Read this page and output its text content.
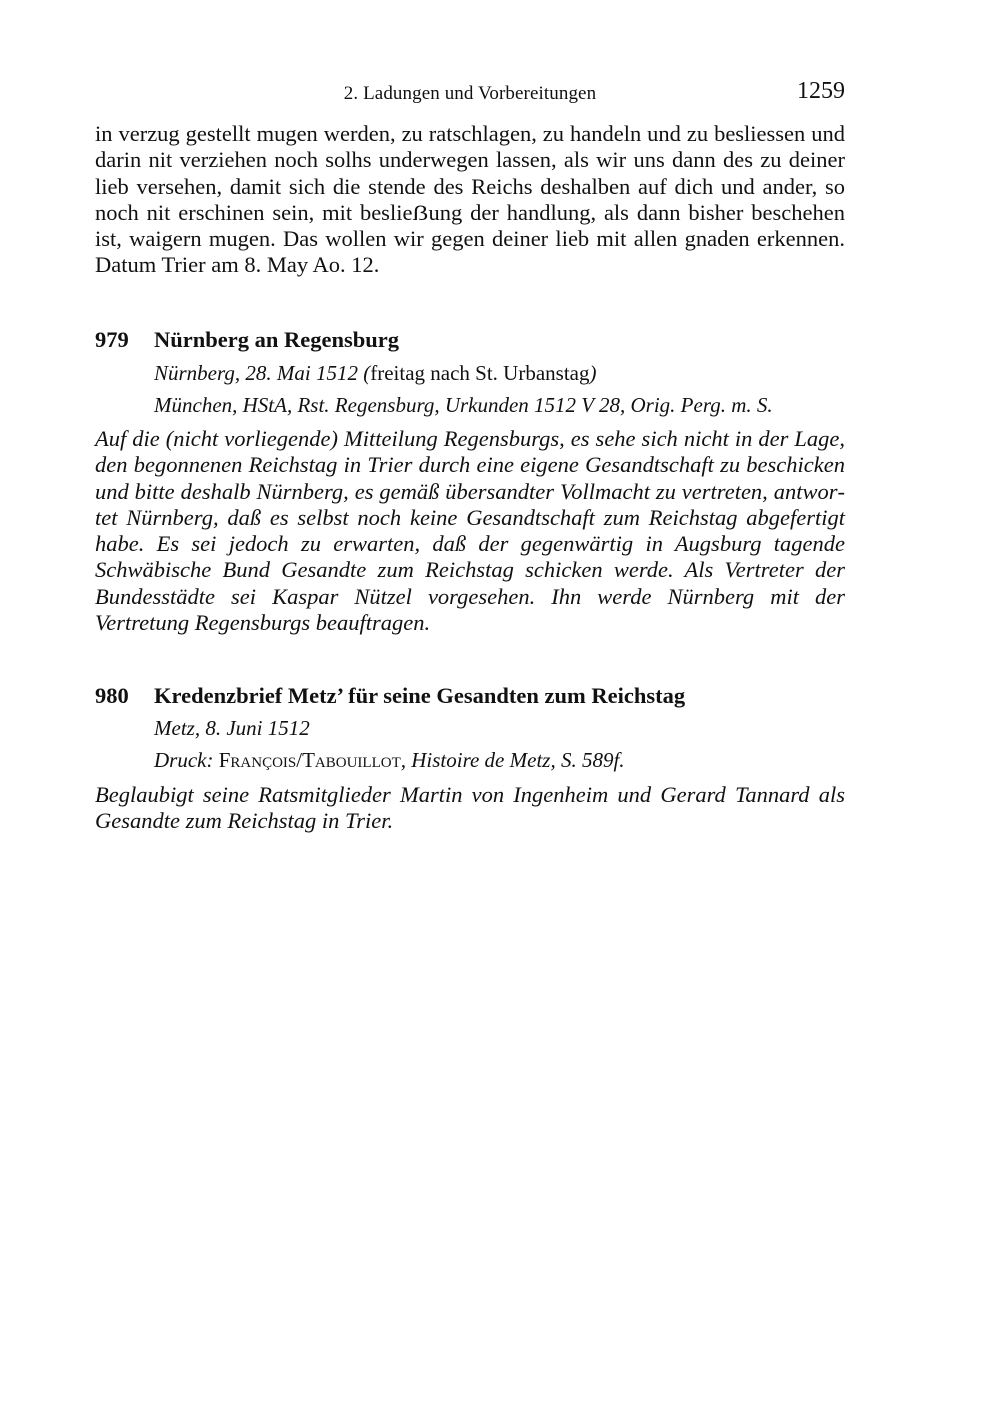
2. Ladungen und Vorbereitungen	1259

in verzug gestellt mugen werden, zu ratschlagen, zu handeln und zu besliessen und darin nit verziehen noch solhs underwegen lassen, als wir uns dann des zu deiner lieb versehen, damit sich die stende des Reichs deshalben auf dich und ander, so noch nit erschinen sein, mit beslieẞung der handlung, als dann bisher beschehen ist, waigern mugen. Das wollen wir gegen deiner lieb mit allen gnaden erkennen. Datum Trier am 8. May Ao. 12.

979 Nürnberg an Regensburg
Nürnberg, 28. Mai 1512 (freitag nach St. Urbanstag)
München, HStA, Rst. Regensburg, Urkunden 1512 V 28, Orig. Perg. m. S.

Auf die (nicht vorliegende) Mitteilung Regensburgs, es sehe sich nicht in der Lage, den begonnenen Reichstag in Trier durch eine eigene Gesandtschaft zu beschicken und bitte deshalb Nürnberg, es gemäß übersandter Vollmacht zu vertreten, antwortet Nürnberg, daß es selbst noch keine Gesandtschaft zum Reichstag abgefertigt habe. Es sei jedoch zu erwarten, daß der gegenwärtig in Augsburg tagende Schwäbische Bund Gesandte zum Reichstag schicken werde. Als Vertreter der Bundesstädte sei Kaspar Nützel vorgesehen. Ihn werde Nürnberg mit der Vertretung Regensburgs beauftragen.

980 Kredenzbrief Metz’ für seine Gesandten zum Reichstag
Metz, 8. Juni 1512
Druck: François/Tabouillot, Histoire de Metz, S. 589f.

Beglaubigt seine Ratsmitglieder Martin von Ingenheim und Gerard Tannard als Gesandte zum Reichstag in Trier.
